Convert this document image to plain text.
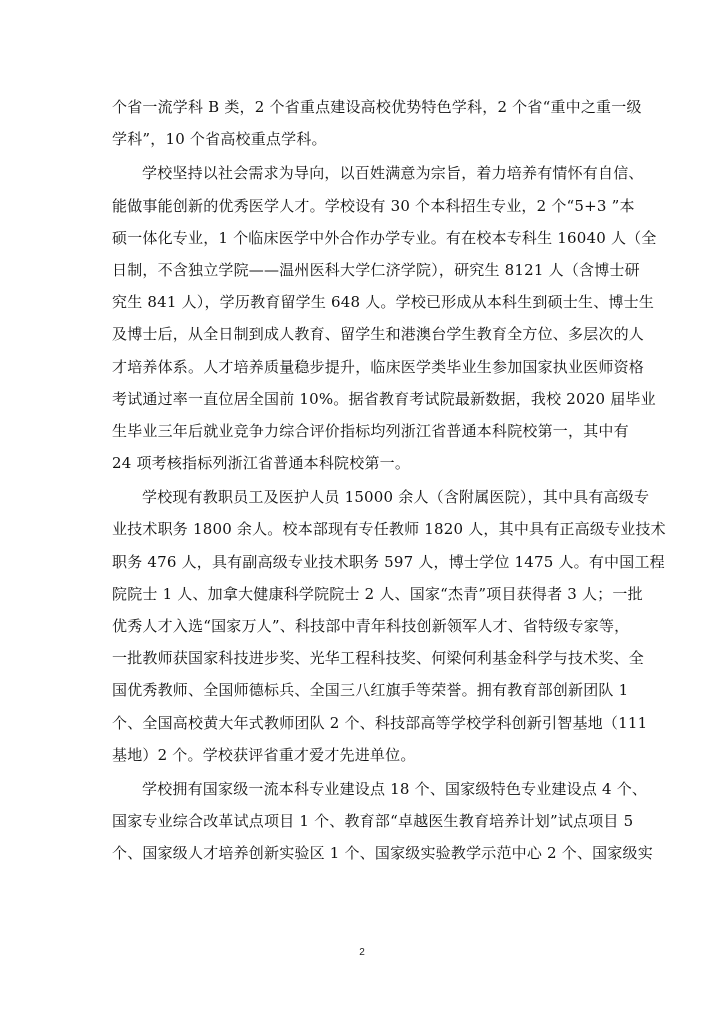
个省一流学科 B 类，2 个省重点建设高校优势特色学科，2 个省“重中之重一级
学科”，10 个省高校重点学科。
学校坚持以社会需求为导向，以百姓满意为宗旨，着力培养有情怀有自信、
能做事能创新的优秀医学人才。学校设有 30 个本科招生专业，2 个“5+3 ”本
硕一体化专业，1 个临床医学中外合作办学专业。有在校本专科生 16040 人（全
日制，不含独立学院——温州医科大学仁济学院），研究生 8121 人（含博士研
究生 841 人），学历教育留学生 648 人。学校已形成从本科生到硕士生、博士生
及博士后，从全日制到成人教育、留学生和港澳台学生教育全方位、多层次的人
才培养体系。人才培养质量稳步提升，临床医学类毕业生参加国家执业医师资格
考试通过率一直位居全国前 10%。据省教育考试院最新数据，我校 2020 届毕业
生毕业三年后就业竞争力综合评价指标均列浙江省普通本科院校第一，其中有
24 项考核指标列浙江省普通本科院校第一。
学校现有教职员工及医护人员 15000 余人（含附属医院），其中具有高级专
业技术职务 1800 余人。校本部现有专任教师 1820 人，其中具有正高级专业技术
职务 476 人，具有副高级专业技术职务 597 人，博士学位 1475 人。有中国工程
院院士 1 人、加拿大健康科学院院士 2 人、国家“杰青”项目获得者 3 人；一批
优秀人才入选“国家万人”、科技部中青年科技创新领军人才、省特级专家等，
一批教师获国家科技进步奖、光华工程科技奖、何梁何利基金科学与技术奖、全
国优秀教师、全国师德标兵、全国三八红旗手等荣誉。拥有教育部创新团队 1
个、全国高校黄大年式教师团队 2 个、科技部高等学校学科创新引智基地（111
基地）2 个。学校获评省重才爱才先进单位。
学校拥有国家级一流本科专业建设点 18 个、国家级特色专业建设点 4 个、
国家专业综合改革试点项目 1 个、教育部“卓越医生教育培养计划”试点项目 5
个、国家级人才培养创新实验区 1 个、国家级实验教学示范中心 2 个、国家级实
2
